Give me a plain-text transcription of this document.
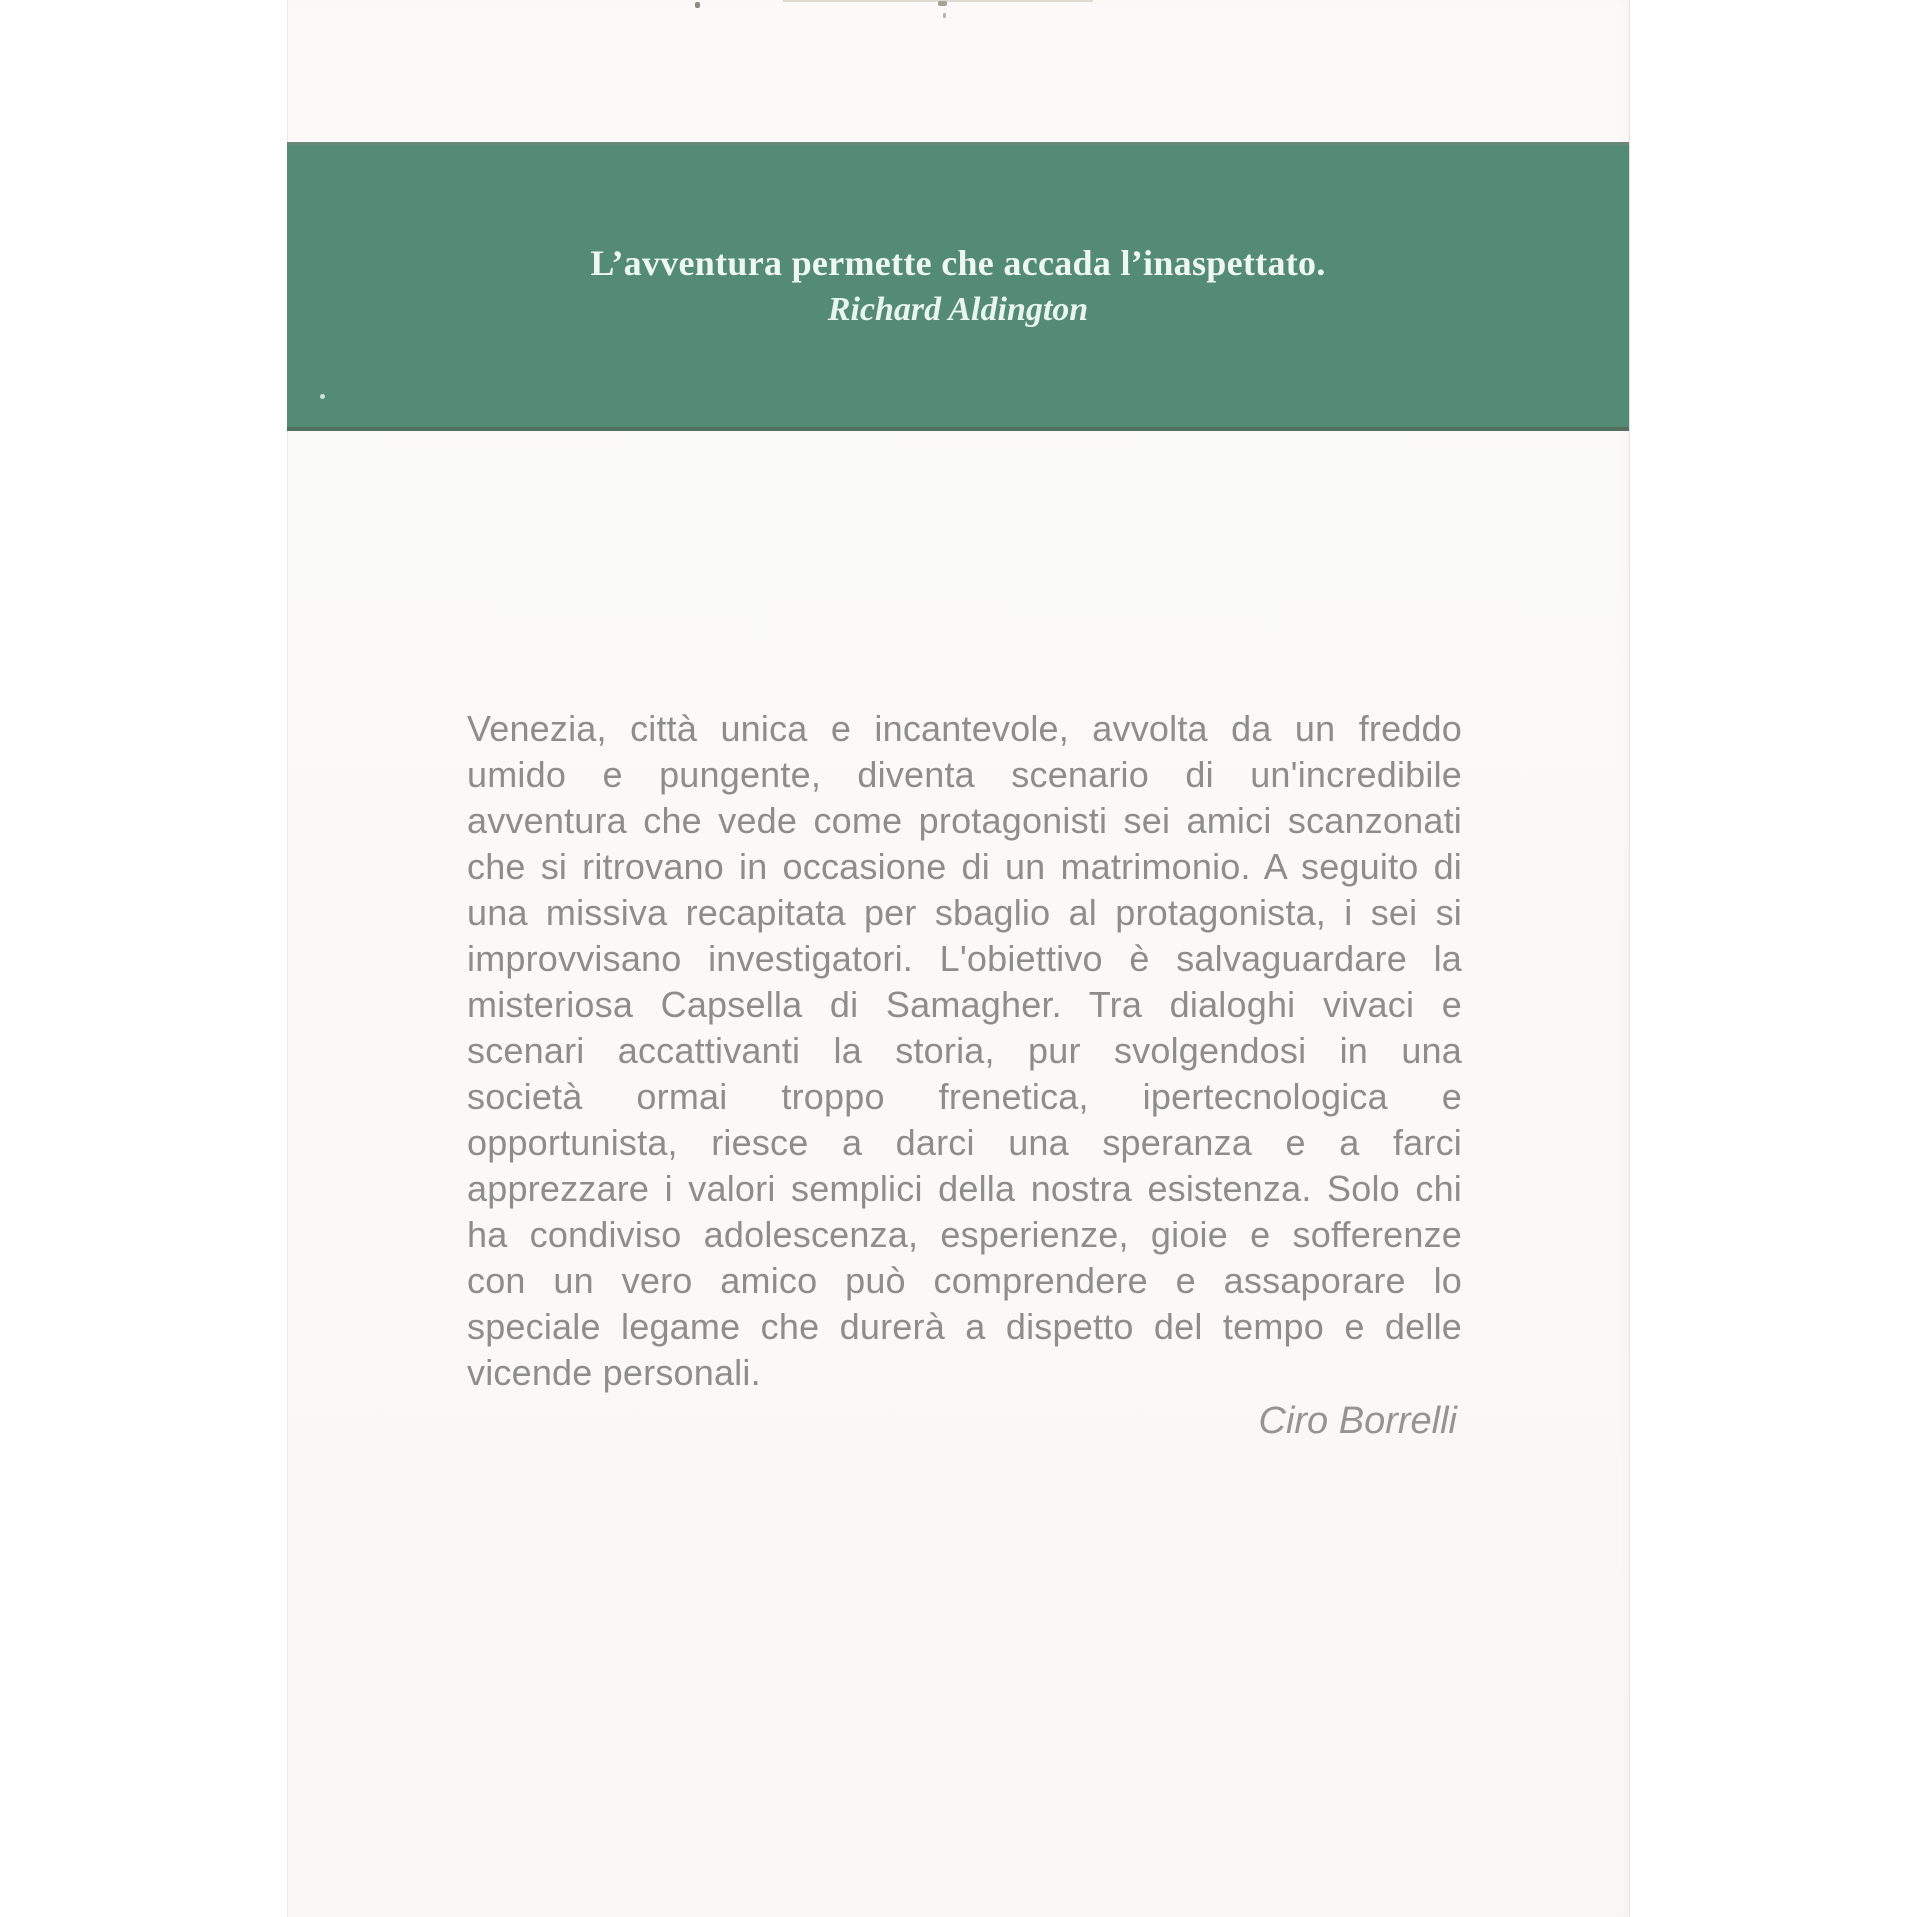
L’avventura permette che accada l’inaspettato.
Richard Aldington
Venezia, città unica e incantevole, avvolta da un freddo
umido e pungente, diventa scenario di un'incredibile
avventura che vede come protagonisti sei amici scanzonati
che si ritrovano in occasione di un matrimonio. A seguito di
una missiva recapitata per sbaglio al protagonista, i sei si
improvvisano investigatori. L'obiettivo è salvaguardare la
misteriosa Capsella di Samagher. Tra dialoghi vivaci e
scenari accattivanti la storia, pur svolgendosi in una
società ormai troppo frenetica, ipertecnologica e
opportunista, riesce a darci una speranza e a farci
apprezzare i valori semplici della nostra esistenza. Solo chi
ha condiviso adolescenza, esperienze, gioie e sofferenze
con un vero amico può comprendere e assaporare lo
speciale legame che durerà a dispetto del tempo e delle
vicende personali.
Ciro Borrelli
